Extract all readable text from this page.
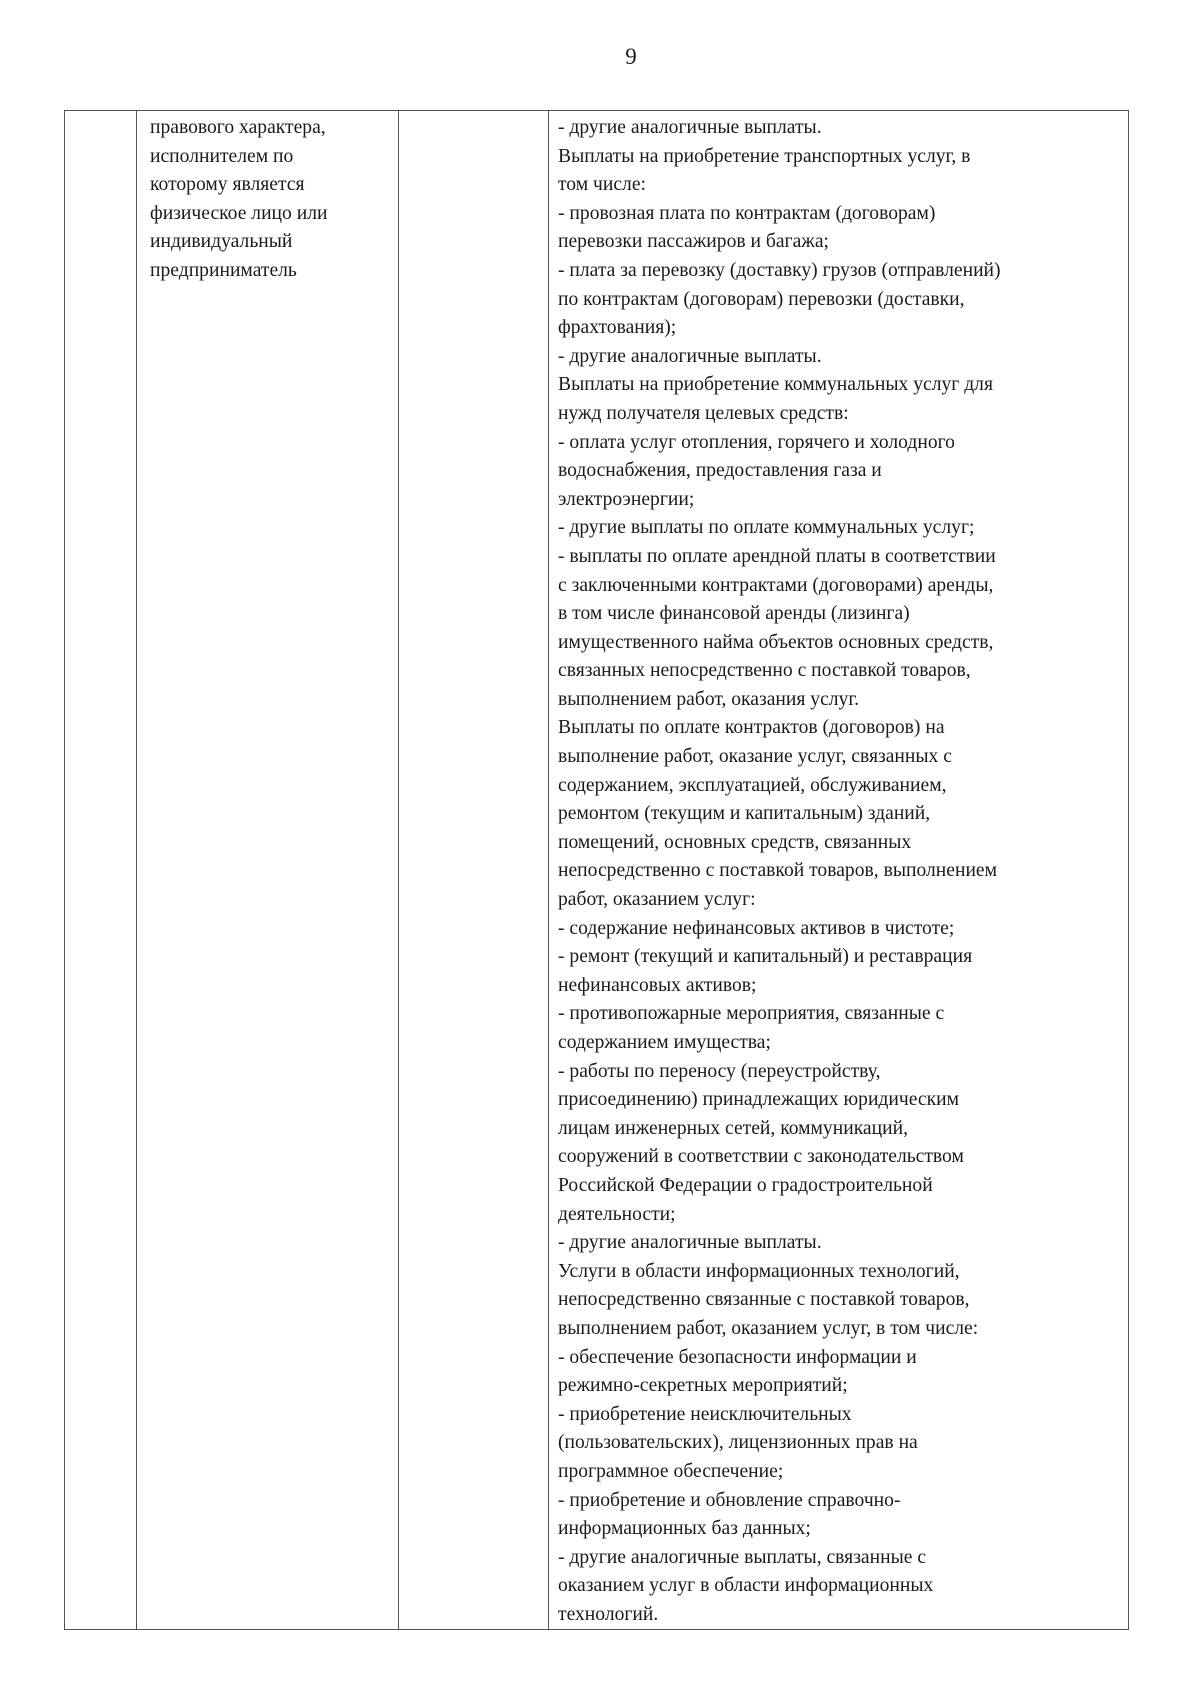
9

правового характера,
исполнителем по
которому является
физическое лицо или
индивидуальный
предприниматель

- другие аналогичные выплаты.
Выплаты на приобретение транспортных услуг, в
том числе:
- провозная плата по контрактам (договорам)
перевозки пассажиров и багажа;
- плата за перевозку (доставку) грузов (отправлений)
по контрактам (договорам) перевозки (доставки,
фрахтования);
- другие аналогичные выплаты.
Выплаты на приобретение коммунальных услуг для
нужд получателя целевых средств:
- оплата услуг отопления, горячего и холодного
водоснабжения, предоставления газа и
электроэнергии;
- другие выплаты по оплате коммунальных услуг;
- выплаты по оплате арендной платы в соответствии
с заключенными контрактами (договорами) аренды,
в том числе финансовой аренды (лизинга)
имущественного найма объектов основных средств,
связанных непосредственно с поставкой товаров,
выполнением работ, оказания услуг.
Выплаты по оплате контрактов (договоров) на
выполнение работ, оказание услуг, связанных с
содержанием, эксплуатацией, обслуживанием,
ремонтом (текущим и капитальным) зданий,
помещений, основных средств, связанных
непосредственно с поставкой товаров, выполнением
работ, оказанием услуг:
- содержание нефинансовых активов в чистоте;
- ремонт (текущий и капитальный) и реставрация
нефинансовых активов;
- противопожарные мероприятия, связанные с
содержанием имущества;
- работы по переносу (переустройству,
присоединению) принадлежащих юридическим
лицам инженерных сетей, коммуникаций,
сооружений в соответствии с законодательством
Российской Федерации о градостроительной
деятельности;
- другие аналогичные выплаты.
Услуги в области информационных технологий,
непосредственно связанные с поставкой товаров,
выполнением работ, оказанием услуг, в том числе:
- обеспечение безопасности информации и
режимно-секретных мероприятий;
- приобретение неисключительных
(пользовательских), лицензионных прав на
программное обеспечение;
- приобретение и обновление справочно-
информационных баз данных;
- другие аналогичные выплаты, связанные с
оказанием услуг в области информационных
технологий.
